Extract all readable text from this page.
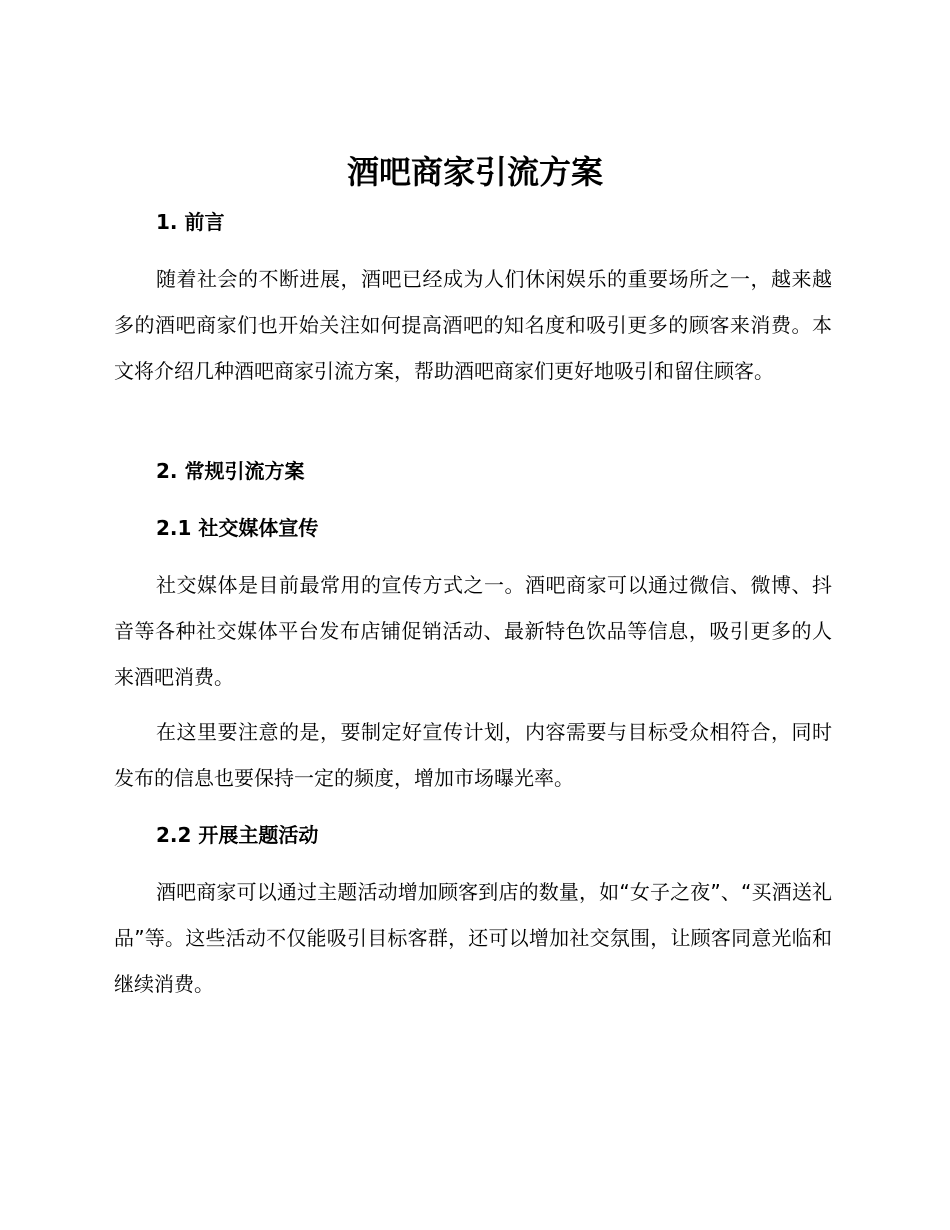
酒吧商家引流方案
1. 前言

随着社会的不断进展，酒吧已经成为人们休闲娱乐的重要场所之一，越来越多的酒吧商家们也开始关注如何提高酒吧的知名度和吸引更多的顾客来消费。本文将介绍几种酒吧商家引流方案，帮助酒吧商家们更好地吸引和留住顾客。

2. 常规引流方案
2.1 社交媒体宣传

社交媒体是目前最常用的宣传方式之一。酒吧商家可以通过微信、微博、抖音等各种社交媒体平台发布店铺促销活动、最新特色饮品等信息，吸引更多的人来酒吧消费。

在这里要注意的是，要制定好宣传计划，内容需要与目标受众相符合，同时发布的信息也要保持一定的频度，增加市场曝光率。

2.2 开展主题活动

酒吧商家可以通过主题活动增加顾客到店的数量，如“女子之夜”、“买酒送礼品”等。这些活动不仅能吸引目标客群，还可以增加社交氛围，让顾客同意光临和继续消费。
